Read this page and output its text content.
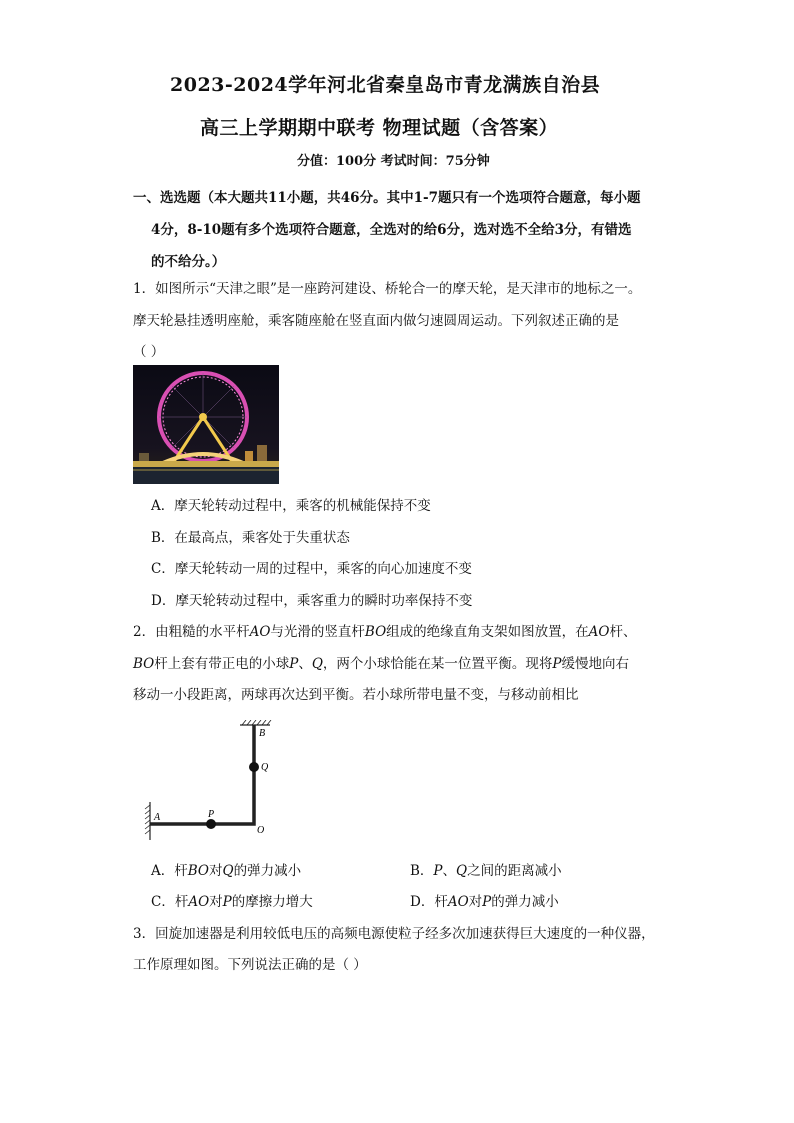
2023-2024学年河北省秦皇岛市青龙满族自治县
高三上学期期中联考 物理试题（含答案）
分值：100分 考试时间：75分钟
一、选选题（本大题共11小题，共46分。其中1-7题只有一个选项符合题意，每小题
4分，8-10题有多个选项符合题意，全选对的给6分，选对选不全给3分，有错选
的不给分。）
1．如图所示“天津之眼”是一座跨河建设、桥轮合一的摩天轮，是天津市的地标之一。
摩天轮悬挂透明座舱，乘客随座舱在竖直面内做匀速圆周运动。下列叙述正确的是
（ ）
A．摩天轮转动过程中，乘客的机械能保持不变
B．在最高点，乘客处于失重状态
C．摩天轮转动一周的过程中，乘客的向心加速度不变
D．摩天轮转动过程中，乘客重力的瞬时功率保持不变
2．由粗糙的水平杆AO与光滑的竖直杆BO组成的绝缘直角支架如图放置，在AO杆、
BO杆上套有带正电的小球P、Q，两个小球恰能在某一位置平衡。现将P缓慢地向右
移动一小段距离，两球再次达到平衡。若小球所带电量不变，与移动前相比
A
B
O
P
Q
A．杆BO对Q的弹力减小	B．P、Q之间的距离减小
C．杆AO对P的摩擦力增大	D．杆AO对P的弹力减小
3．回旋加速器是利用较低电压的高频电源使粒子经多次加速获得巨大速度的一种仪器，
工作原理如图。下列说法正确的是（ ）
